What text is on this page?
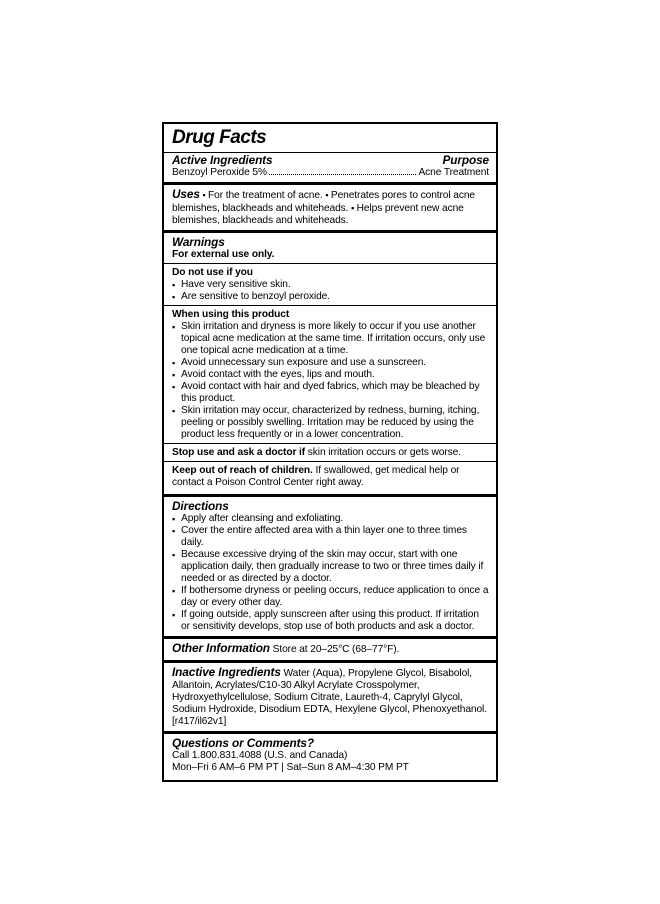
Drug Facts
Active Ingredients	Purpose
Benzoyl Peroxide 5%	Acne Treatment
Uses ▪ For the treatment of acne. ▪ Penetrates pores to control acne blemishes, blackheads and whiteheads. ▪ Helps prevent new acne blemishes, blackheads and whiteheads.
Warnings
For external use only.
Do not use if you
▪ Have very sensitive skin.
▪ Are sensitive to benzoyl peroxide.
When using this product
▪ Skin irritation and dryness is more likely to occur if you use another topical acne medication at the same time. If irritation occurs, only use one topical acne medication at a time.
▪ Avoid unnecessary sun exposure and use a sunscreen.
▪ Avoid contact with the eyes, lips and mouth.
▪ Avoid contact with hair and dyed fabrics, which may be bleached by this product.
▪ Skin irritation may occur, characterized by redness, burning, itching, peeling or possibly swelling. Irritation may be reduced by using the product less frequently or in a lower concentration.
Stop use and ask a doctor if skin irritation occurs or gets worse.
Keep out of reach of children. If swallowed, get medical help or contact a Poison Control Center right away.
Directions
▪ Apply after cleansing and exfoliating.
▪ Cover the entire affected area with a thin layer one to three times daily.
▪ Because excessive drying of the skin may occur, start with one application daily, then gradually increase to two or three times daily if needed or as directed by a doctor.
▪ If bothersome dryness or peeling occurs, reduce application to once a day or every other day.
▪ If going outside, apply sunscreen after using this product. If irritation or sensitivity develops, stop use of both products and ask a doctor.
Other Information Store at 20–25°C (68–77°F).
Inactive Ingredients Water (Aqua), Propylene Glycol, Bisabolol, Allantoin, Acrylates/C10-30 Alkyl Acrylate Crosspolymer, Hydroxyethylcellulose, Sodium Citrate, Laureth-4, Caprylyl Glycol, Sodium Hydroxide, Disodium EDTA, Hexylene Glycol, Phenoxyethanol. [r417/il62v1]
Questions or Comments?
Call 1.800.831.4088 (U.S. and Canada)
Mon–Fri 6 AM–6 PM PT | Sat–Sun 8 AM–4:30 PM PT
